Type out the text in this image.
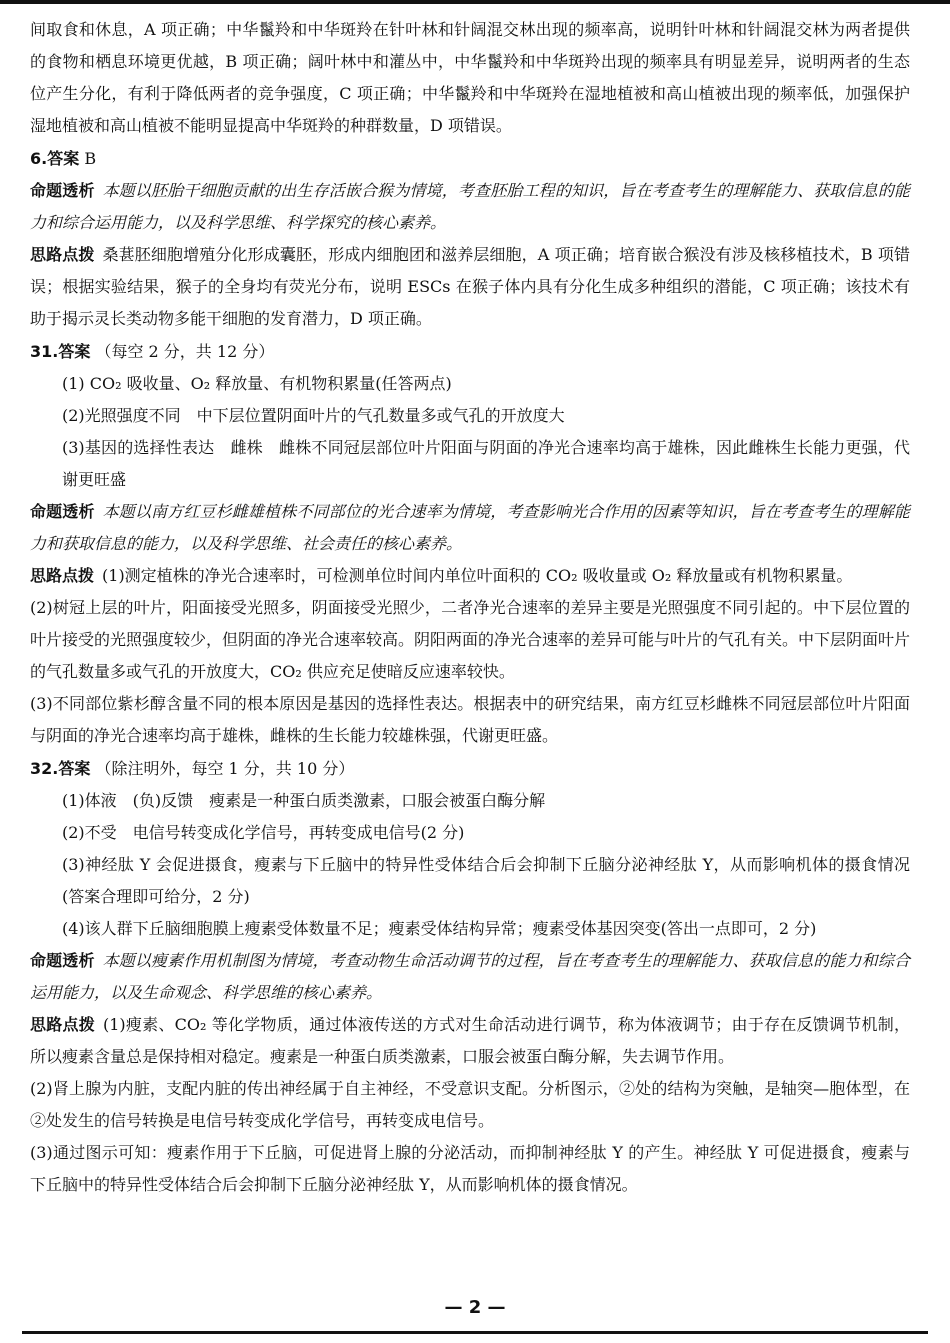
间取食和休息，A 项正确；中华鬣羚和中华斑羚在针叶林和针阔混交林出现的频率高，说明针叶林和针阔混交林为两者提供的食物和栖息环境更优越，B 项正确；阔叶林中和灌丛中，中华鬣羚和中华斑羚出现的频率具有明显差异，说明两者的生态位产生分化，有利于降低两者的竞争强度，C 项正确；中华鬣羚和中华斑羚在湿地植被和高山植被出现的频率低，加强保护湿地植被和高山植被不能明显提高中华斑羚的种群数量，D 项错误。

6.答案 B

命题透析 本题以胚胎干细胞贡献的出生存活嵌合猴为情境，考查胚胎工程的知识，旨在考查考生的理解能力、获取信息的能力和综合运用能力，以及科学思维、科学探究的核心素养。

思路点拨 桑葚胚细胞增殖分化形成囊胚，形成内细胞团和滋养层细胞，A 项正确；培育嵌合猴没有涉及核移植技术，B 项错误；根据实验结果，猴子的全身均有荧光分布，说明 ESCs 在猴子体内具有分化生成多种组织的潜能，C 项正确；该技术有助于揭示灵长类动物多能干细胞的发育潜力，D 项正确。

31.答案 （每空 2 分，共 12 分）

(1) CO₂ 吸收量、O₂ 释放量、有机物积累量(任答两点)

(2)光照强度不同　中下层位置阴面叶片的气孔数量多或气孔的开放度大

(3)基因的选择性表达　雌株　雌株不同冠层部位叶片阳面与阴面的净光合速率均高于雄株，因此雌株生长能力更强，代谢更旺盛

命题透析 本题以南方红豆杉雌雄植株不同部位的光合速率为情境，考查影响光合作用的因素等知识，旨在考查考生的理解能力和获取信息的能力，以及科学思维、社会责任的核心素养。

思路点拨 (1)测定植株的净光合速率时，可检测单位时间内单位叶面积的 CO₂ 吸收量或 O₂ 释放量或有机物积累量。

(2)树冠上层的叶片，阳面接受光照多，阴面接受光照少，二者净光合速率的差异主要是光照强度不同引起的。中下层位置的叶片接受的光照强度较少，但阴面的净光合速率较高。阴阳两面的净光合速率的差异可能与叶片的气孔有关。中下层阴面叶片的气孔数量多或气孔的开放度大，CO₂ 供应充足使暗反应速率较快。

(3)不同部位紫杉醇含量不同的根本原因是基因的选择性表达。根据表中的研究结果，南方红豆杉雌株不同冠层部位叶片阳面与阴面的净光合速率均高于雄株，雌株的生长能力较雄株强，代谢更旺盛。

32.答案 （除注明外，每空 1 分，共 10 分）

(1)体液　(负)反馈　瘦素是一种蛋白质类激素，口服会被蛋白酶分解

(2)不受　电信号转变成化学信号，再转变成电信号(2 分)

(3)神经肽 Y 会促进摄食，瘦素与下丘脑中的特异性受体结合后会抑制下丘脑分泌神经肽 Y，从而影响机体的摄食情况(答案合理即可给分，2 分)

(4)该人群下丘脑细胞膜上瘦素受体数量不足；瘦素受体结构异常；瘦素受体基因突变(答出一点即可，2 分)

命题透析 本题以瘦素作用机制图为情境，考查动物生命活动调节的过程，旨在考查考生的理解能力、获取信息的能力和综合运用能力，以及生命观念、科学思维的核心素养。

思路点拨 (1)瘦素、CO₂ 等化学物质，通过体液传送的方式对生命活动进行调节，称为体液调节；由于存在反馈调节机制，所以瘦素含量总是保持相对稳定。瘦素是一种蛋白质类激素，口服会被蛋白酶分解，失去调节作用。

(2)肾上腺为内脏，支配内脏的传出神经属于自主神经，不受意识支配。分析图示，②处的结构为突触，是轴突—胞体型，在②处发生的信号转换是电信号转变成化学信号，再转变成电信号。

(3)通过图示可知：瘦素作用于下丘脑，可促进肾上腺的分泌活动，而抑制神经肽 Y 的产生。神经肽 Y 可促进摄食，瘦素与下丘脑中的特异性受体结合后会抑制下丘脑分泌神经肽 Y，从而影响机体的摄食情况。

— 2 —
